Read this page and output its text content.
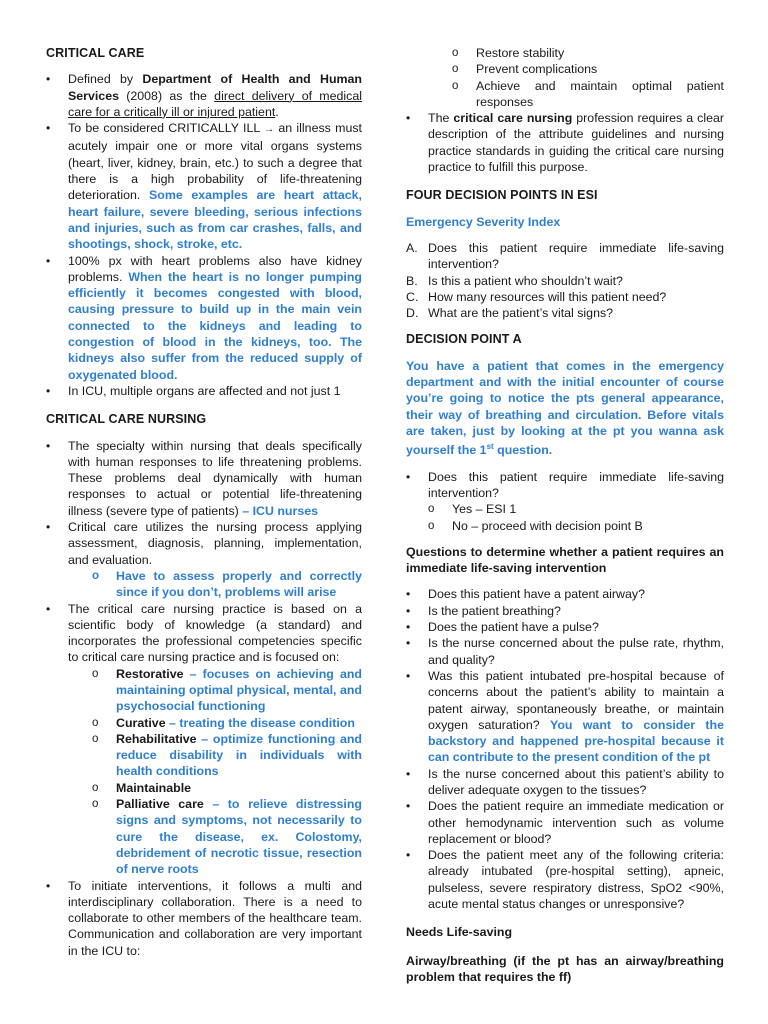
CRITICAL CARE
• Defined by Department of Health and Human Services (2008) as the direct delivery of medical care for a critically ill or injured patient.
• To be considered CRITICALLY ILL → an illness must acutely impair one or more vital organs systems (heart, liver, kidney, brain, etc.) to such a degree that there is a high probability of life-threatening deterioration. Some examples are heart attack, heart failure, severe bleeding, serious infections and injuries, such as from car crashes, falls, and shootings, shock, stroke, etc.
• 100% px with heart problems also have kidney problems. When the heart is no longer pumping efficiently it becomes congested with blood, causing pressure to build up in the main vein connected to the kidneys and leading to congestion of blood in the kidneys, too. The kidneys also suffer from the reduced supply of oxygenated blood.
• In ICU, multiple organs are affected and not just 1
CRITICAL CARE NURSING
• The specialty within nursing that deals specifically with human responses to life threatening problems. These problems deal dynamically with human responses to actual or potential life-threatening illness (severe type of patients) – ICU nurses
• Critical care utilizes the nursing process applying assessment, diagnosis, planning, implementation, and evaluation.
o Have to assess properly and correctly since if you don’t, problems will arise
• The critical care nursing practice is based on a scientific body of knowledge (a standard) and incorporates the professional competencies specific to critical care nursing practice and is focused on:
o Restorative – focuses on achieving and maintaining optimal physical, mental, and psychosocial functioning
o Curative – treating the disease condition
o Rehabilitative – optimize functioning and reduce disability in individuals with health conditions
o Maintainable
o Palliative care – to relieve distressing signs and symptoms, not necessarily to cure the disease, ex. Colostomy, debridement of necrotic tissue, resection of nerve roots
• To initiate interventions, it follows a multi and interdisciplinary collaboration. There is a need to collaborate to other members of the healthcare team. Communication and collaboration are very important in the ICU to:
o Restore stability
o Prevent complications
o Achieve and maintain optimal patient responses
• The critical care nursing profession requires a clear description of the attribute guidelines and nursing practice standards in guiding the critical care nursing practice to fulfill this purpose.
FOUR DECISION POINTS IN ESI
Emergency Severity Index
A. Does this patient require immediate life-saving intervention?
B. Is this a patient who shouldn’t wait?
C. How many resources will this patient need?
D. What are the patient’s vital signs?
DECISION POINT A

You have a patient that comes in the emergency department and with the initial encounter of course you’re going to notice the pts general appearance, their way of breathing and circulation. Before vitals are taken, just by looking at the pt you wanna ask yourself the 1st question.

• Does this patient require immediate life-saving intervention?
o Yes – ESI 1
o No – proceed with decision point B

Questions to determine whether a patient requires an immediate life-saving intervention

• Does this patient have a patent airway?
• Is the patient breathing?
• Does the patient have a pulse?
• Is the nurse concerned about the pulse rate, rhythm, and quality?
• Was this patient intubated pre-hospital because of concerns about the patient’s ability to maintain a patent airway, spontaneously breathe, or maintain oxygen saturation? You want to consider the backstory and happened pre-hospital because it can contribute to the present condition of the pt
• Is the nurse concerned about this patient’s ability to deliver adequate oxygen to the tissues?
• Does the patient require an immediate medication or other hemodynamic intervention such as volume replacement or blood?
• Does the patient meet any of the following criteria: already intubated (pre-hospital setting), apneic, pulseless, severe respiratory distress, SpO2 <90%, acute mental status changes or unresponsive?

Needs Life-saving

Airway/breathing (if the pt has an airway/breathing problem that requires the ff)
